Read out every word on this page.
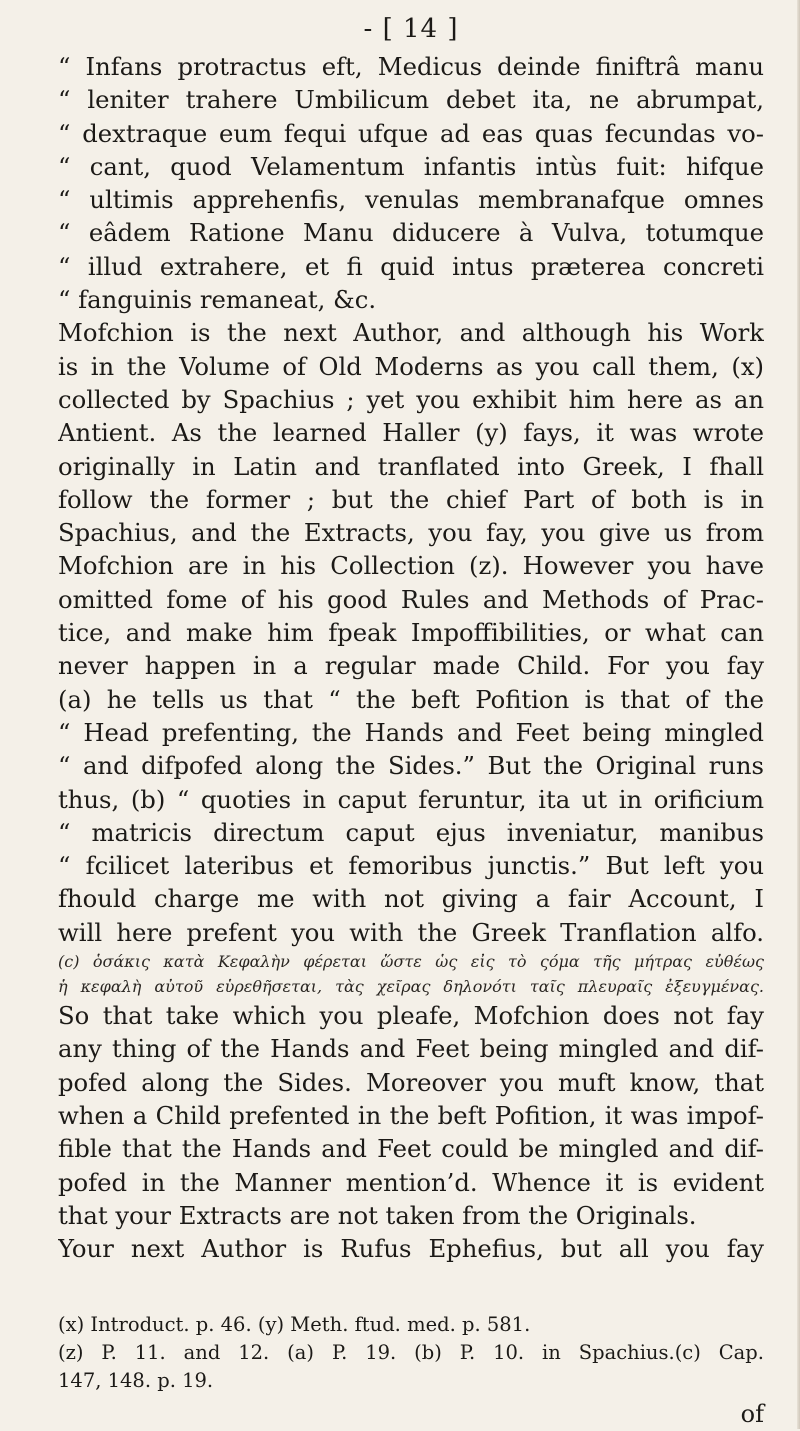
- [ 14 ]
“ Infans protractus eft, Medicus deinde finiftrâ manu
“ leniter trahere Umbilicum debet ita, ne abrumpat,
“ dextraque eum fequi ufque ad eas quas fecundas vo-
“ cant, quod Velamentum infantis intùs fuit: hifque
“ ultimis apprehenfis, venulas membranafque omnes
“ eâdem Ratione Manu diducere à Vulva, totumque
“ illud extrahere, et fi quid intus præterea concreti
“ fanguinis remaneat, &c.
Mofchion is the next Author, and although his Work
is in the Volume of Old Moderns as you call them, (x)
collected by Spachius ; yet you exhibit him here as an
Antient. As the learned Haller (y) fays, it was wrote
originally in Latin and tranflated into Greek, I fhall
follow the former ; but the chief Part of both is in
Spachius, and the Extracts, you fay, you give us from
Mofchion are in his Collection (z). However you have
omitted fome of his good Rules and Methods of Prac-
tice, and make him fpeak Impoffibilities, or what can
never happen in a regular made Child. For you fay
(a) he tells us that “ the beft Pofition is that of the
“ Head prefenting, the Hands and Feet being mingled
“ and difpofed along the Sides.” But the Original runs
thus, (b) “ quoties in caput feruntur, ita ut in orificium
“ matricis directum caput ejus inveniatur, manibus
“ fcilicet lateribus et femoribus junctis.” But left you
fhould charge me with not giving a fair Account, I
will here prefent you with the Greek Tranflation alfo.
(c) ὁσάκις κατὰ Κεφαλὴν φέρεται ὥστε ὡς εἰς τὸ ςόμα τῆς μήτρας εὐθέως
ἡ κεφαλὴ αὐτοῦ εὑρεθῆσεται, τὰς χεῖρας δηλονότι ταῖς πλευραῖς ἐξευγμένας.
So that take which you pleafe, Mofchion does not fay
any thing of the Hands and Feet being mingled and dif-
pofed along the Sides. Moreover you muft know, that
when a Child prefented in the beft Pofition, it was impof-
fible that the Hands and Feet could be mingled and dif-
pofed in the Manner mention’d. Whence it is evident
that your Extracts are not taken from the Originals.
Your next Author is Rufus Ephefius, but all you fay
(x) Introduct. p. 46. (y) Meth. ftud. med. p. 581.
(z) P. 11. and 12. (a) P. 19. (b) P. 10. in Spachius.(c) Cap.
147, 148. p. 19.
of
